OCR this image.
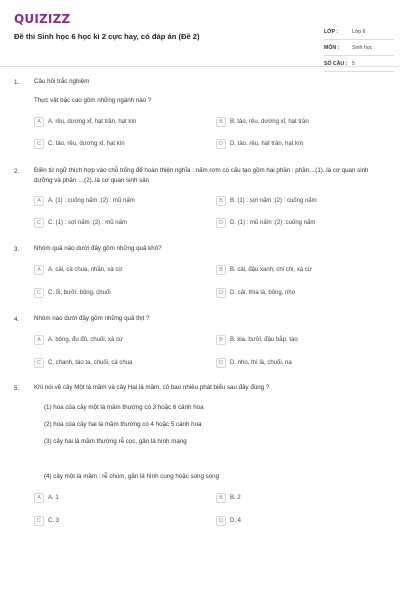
QUIZIZZ
Đề thi Sinh học 6 học kì 2 cực hay, có đáp án (Đề 2)
LỚP :	Lớp 6
MÔN :	Sinh học
SỐ CÂU : 5
1. Câu hỏi trắc nghiệm
Thực vật bậc cao gồm những ngành nào ?
A	A. rêu, dương xỉ, hạt trần, hạt kín	B	B. tảo, rêu, dương xỉ, hạt trần
C	C. tảo, rêu, dương xỉ, hạt kín	D	D. tảo, rêu, hạt trần, hạt kín
2. Điền từ ngữ thích hợp vào chỗ trống để hoàn thiện nghĩa : nấm rơm có cấu tạo gồm hai phần : phần…(1)..là cơ quan sinh dưỡng và phần …(2)..là cơ quan sinh sản
A	A. (1) : cuống nấm ;(2) : mũ nấm	B	B. (1) : sợi nấm ;(2) : cuống nấm
C	C. (1) : sợi nấm ;(2) : mũ nấm	D	D. (1) : mũ nấm ;(2) :cuống nấm
3. Nhóm quả nào dưới đây gồm những quả khô?
A	A. cải, cà chua, nhãn, xà cừ	B	B. cải, đậu xanh, chi chi, xà cừ
C	C. ổi, bưởi, bông, chuối	D	D. cải, thìa là, bông, nho
4. Nhóm nào dưới đây gồm những quả thịt ?
A	A. bông, đu đủ, chuối, xà cừ	B	B. kia, bưởi, đậu bắp, táo
C	C. chanh, táo ta, chuối, cà chua	D	D. nho, thì là, chuối, na
5. Khi nói về cây Một lá mầm và cây Hai lá mầm, có bao nhiêu phát biểu sau đây đúng ?
(1) hoa của cây một lá mầm thường có 3 hoặc 6 cánh hoa
(2) hoa của cây hai lá mầm thường có 4 hoặc 5 cánh hoa
(3) cây hai lá mầm thường rễ cọc, gân lá hình mạng
(4) cây một lá mầm : rễ chùm, gân lá hình cung hoặc song song
A	A. 1	B	B. 2
C	C. 3	D	D. 4
